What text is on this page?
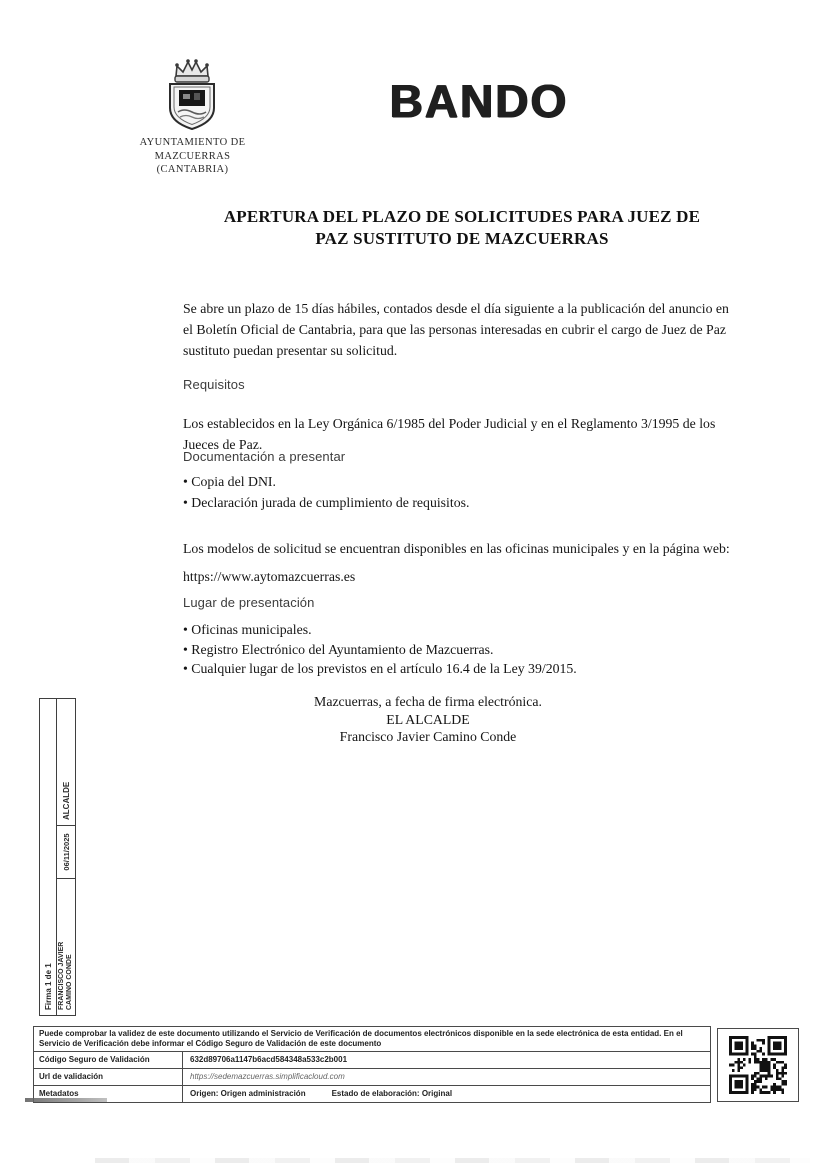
AYUNTAMIENTO DE
MAZCUERRAS
(CANTABRIA)
BANDO
APERTURA DEL PLAZO DE SOLICITUDES PARA JUEZ DE
PAZ SUSTITUTO DE MAZCUERRAS

Se abre un plazo de 15 días hábiles, contados desde el día siguiente a la publicación del anuncio en el Boletín Oficial de Cantabria, para que las personas interesadas en cubrir el cargo de Juez de Paz sustituto puedan presentar su solicitud.

Requisitos

Los establecidos en la Ley Orgánica 6/1985 del Poder Judicial y en el Reglamento 3/1995 de los Jueces de Paz.

Documentación a presentar
• Copia del DNI.
• Declaración jurada de cumplimiento de requisitos.

Los modelos de solicitud se encuentran disponibles en las oficinas municipales y en la página web:

https://www.aytomazcuerras.es
Lugar de presentación
• Oficinas municipales.
• Registro Electrónico del Ayuntamiento de Mazcuerras.
• Cualquier lugar de los previstos en el artículo 16.4 de la Ley 39/2015.
Mazcuerras, a fecha de firma electrónica.
EL ALCALDE
Francisco Javier Camino Conde
Firma 1 de 1 FRANCISCO JAVIER CAMINO CONDE
06/11/2025
ALCALDE
Puede comprobar la validez de este documento utilizando el Servicio de Verificación de documentos electrónicos disponible en la sede electrónica de esta entidad. En el Servicio de Verificación debe informar el Código Seguro de Validación de este documento
Código Seguro de Validación	632d89706a1147b6acd584348a533c2b001
Url de validación	https://sedemazcuerras.simplificacloud.com
Metadatos	Origen: Origen administración	Estado de elaboración: Original
